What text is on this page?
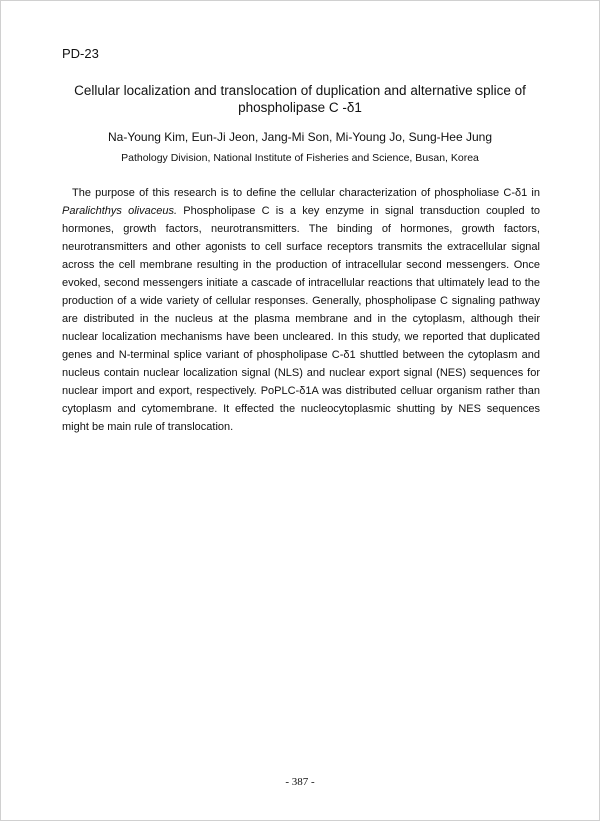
PD-23
Cellular localization and translocation of duplication and alternative splice of phospholipase C -δ1
Na-Young Kim, Eun-Ji Jeon, Jang-Mi Son, Mi-Young Jo, Sung-Hee Jung
Pathology Division, National Institute of Fisheries and Science, Busan, Korea

The purpose of this research is to define the cellular characterization of phospholiase C-δ1 in Paralichthys olivaceus. Phospholipase C is a key enzyme in signal transduction coupled to hormones, growth factors, neurotransmitters. The binding of hormones, growth factors, neurotransmitters and other agonists to cell surface receptors transmits the extracellular signal across the cell membrane resulting in the production of intracellular second messengers. Once evoked, second messengers initiate a cascade of intracellular reactions that ultimately lead to the production of a wide variety of cellular responses. Generally, phospholipase C signaling pathway are distributed in the nucleus at the plasma membrane and in the cytoplasm, although their nuclear localization mechanisms have been uncleared. In this study, we reported that duplicated genes and N-terminal splice variant of phospholipase C-δ1 shuttled between the cytoplasm and nucleus contain nuclear localization signal (NLS) and nuclear export signal (NES) sequences for nuclear import and export, respectively. PoPLC-δ1A was distributed celluar organism rather than cytoplasm and cytomembrane. It effected the nucleocytoplasmic shutting by NES sequences might be main rule of translocation.

- 387 -
